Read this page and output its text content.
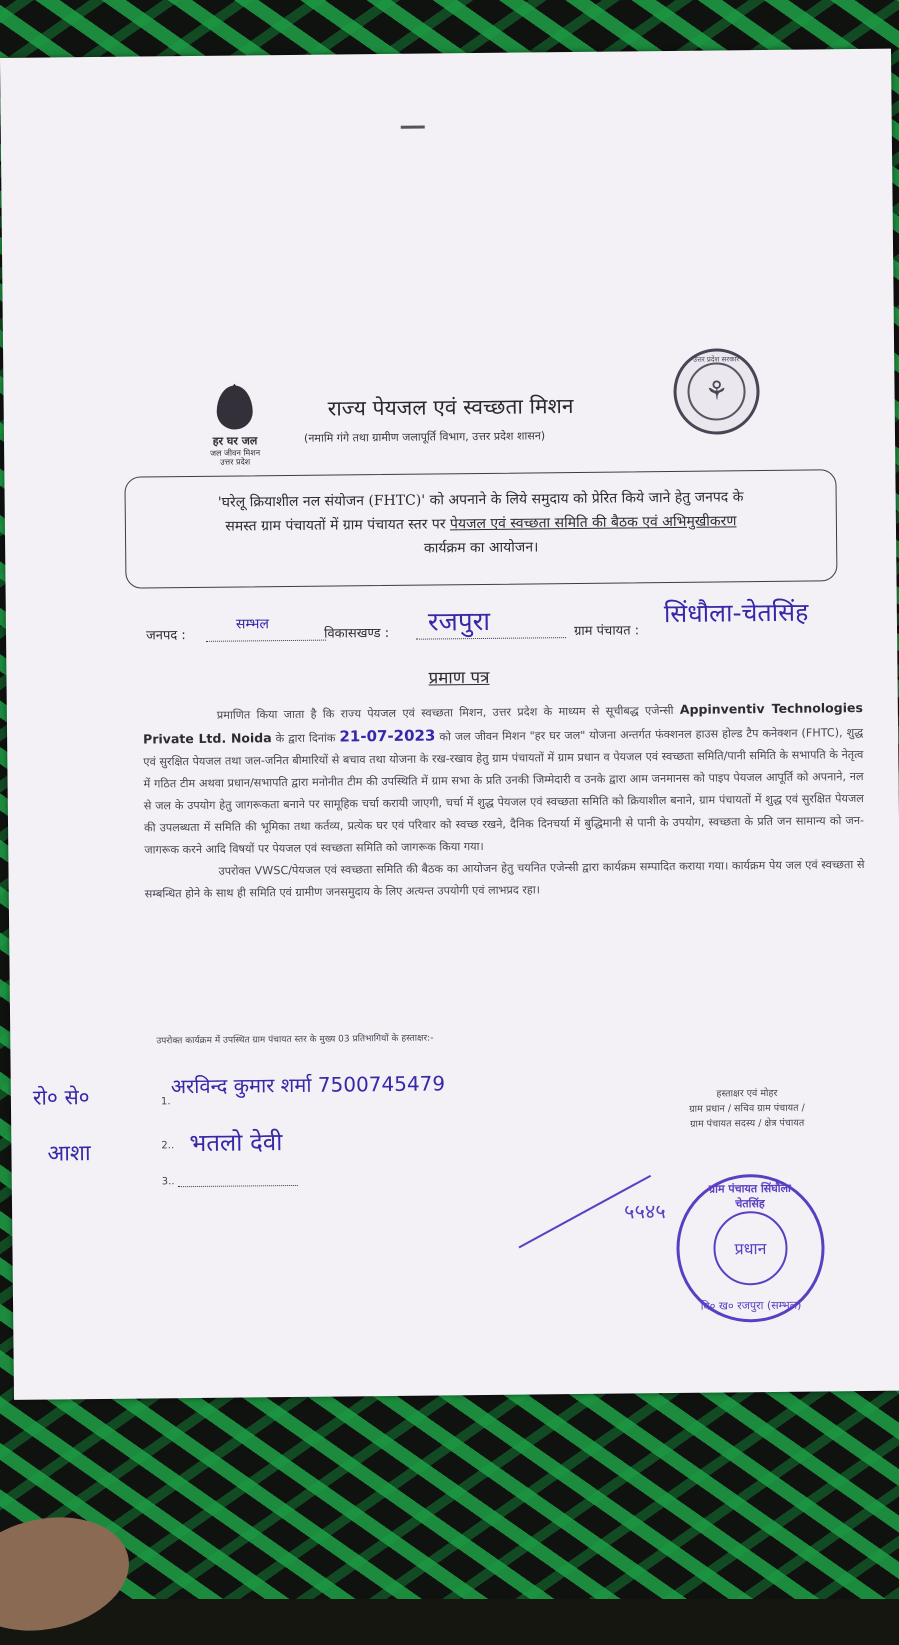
हर घर जल
जल जीवन मिशन
उत्तर प्रदेश
राज्य पेयजल एवं स्वच्छता मिशन
(नमामि गंगे तथा ग्रामीण जलापूर्ति विभाग, उत्तर प्रदेश शासन)
उत्तर प्रदेश सरकार
⚘
'घरेलू क्रियाशील नल संयोजन (FHTC)' को अपनाने के लिये समुदाय को प्रेरित किये जाने हेतु जनपद के
समस्त ग्राम पंचायतों में ग्राम पंचायत स्तर पर पेयजल एवं स्वच्छता समिति की बैठक एवं अभिमुखीकरण
कार्यक्रम का आयोजन।
जनपद :
सम्भल
विकासखण्ड : रजपुरा	ग्राम पंचायत :
सिंधौला-चेतसिंह
प्रमाण पत्र
प्रमाणित किया जाता है कि राज्य पेयजल एवं स्वच्छता मिशन, उत्तर प्रदेश के माध्यम से सूचीबद्ध एजेन्सी Appinventiv Technologies Private Ltd. Noida के द्वारा दिनांक 21-07-2023 को जल जीवन मिशन "हर घर जल" योजना अन्तर्गत फंक्शनल हाउस होल्ड टैप कनेक्शन (FHTC), शुद्ध एवं सुरक्षित पेयजल तथा जल-जनित बीमारियों से बचाव तथा योजना के रख-रखाव हेतु ग्राम पंचायतों में ग्राम प्रधान व पेयजल एवं स्वच्छता समिति/पानी समिति के सभापति के नेतृत्व में गठित टीम अथवा प्रधान/सभापति द्वारा मनोनीत टीम की उपस्थिति में ग्राम सभा के प्रति उनकी जिम्मेदारी व उनके द्वारा आम जनमानस को पाइप पेयजल आपूर्ति को अपनाने, नल से जल के उपयोग हेतु जागरूकता बनाने पर सामूहिक चर्चा करायी जाएगी, चर्चा में शुद्ध पेयजल एवं स्वच्छता समिति को क्रियाशील बनाने, ग्राम पंचायतों में शुद्ध एवं सुरक्षित पेयजल की उपलब्धता में समिति की भूमिका तथा कर्तव्य, प्रत्येक घर एवं परिवार को स्वच्छ रखने, दैनिक दिनचर्या में बुद्धिमानी से पानी के उपयोग, स्वच्छता के प्रति जन सामान्य को जन-जागरूक करने आदि विषयों पर पेयजल एवं स्वच्छता समिति को जागरूक किया गया।
उपरोक्त VWSC/पेयजल एवं स्वच्छता समिति की बैठक का आयोजन हेतु चयनित एजेन्सी द्वारा कार्यक्रम सम्पादित कराया गया। कार्यक्रम पेय जल एवं स्वच्छता से सम्बन्धित होने के साथ ही समिति एवं ग्रामीण जनसमुदाय के लिए अत्यन्त उपयोगी एवं लाभप्रद रहा।
उपरोक्त कार्यक्रम में उपस्थित ग्राम पंचायत स्तर के मुख्य 03 प्रतिभागियों के हस्ताक्षर:-
रो० से०	1.
अरविन्द कुमार शर्मा 7500745479
आशा	2.. भतलो देवी
3..
हस्ताक्षर एवं मोहर
ग्राम प्रधान / सचिव ग्राम पंचायत /
ग्राम पंचायत सदस्य / क्षेत्र पंचायत
५५४५
ग्राम पंचायत सिंघौला चेतसिंह
प्रधान
वि० ख० रजपुरा (सम्भल)
